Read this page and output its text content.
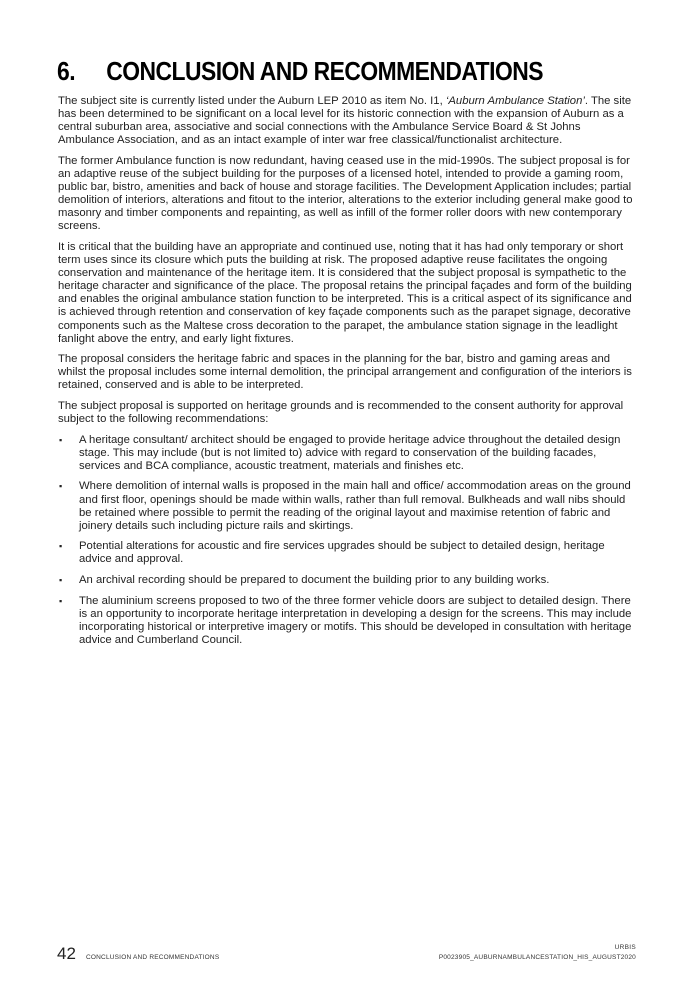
6. CONCLUSION AND RECOMMENDATIONS

The subject site is currently listed under the Auburn LEP 2010 as item No. I1, ‘Auburn Ambulance Station’. The site has been determined to be significant on a local level for its historic connection with the expansion of Auburn as a central suburban area, associative and social connections with the Ambulance Service Board & St Johns Ambulance Association, and as an intact example of inter war free classical/functionalist architecture.

The former Ambulance function is now redundant, having ceased use in the mid-1990s. The subject proposal is for an adaptive reuse of the subject building for the purposes of a licensed hotel, intended to provide a gaming room, public bar, bistro, amenities and back of house and storage facilities. The Development Application includes; partial demolition of interiors, alterations and fitout to the interior, alterations to the exterior including general make good to masonry and timber components and repainting, as well as infill of the former roller doors with new contemporary screens.

It is critical that the building have an appropriate and continued use, noting that it has had only temporary or short term uses since its closure which puts the building at risk. The proposed adaptive reuse facilitates the ongoing conservation and maintenance of the heritage item. It is considered that the subject proposal is sympathetic to the heritage character and significance of the place. The proposal retains the principal façades and form of the building and enables the original ambulance station function to be interpreted. This is a critical aspect of its significance and is achieved through retention and conservation of key façade components such as the parapet signage, decorative components such as the Maltese cross decoration to the parapet, the ambulance station signage in the leadlight fanlight above the entry, and early light fixtures.

The proposal considers the heritage fabric and spaces in the planning for the bar, bistro and gaming areas and whilst the proposal includes some internal demolition, the principal arrangement and configuration of the interiors is retained, conserved and is able to be interpreted.

The subject proposal is supported on heritage grounds and is recommended to the consent authority for approval subject to the following recommendations:

▪ A heritage consultant/ architect should be engaged to provide heritage advice throughout the detailed design stage. This may include (but is not limited to) advice with regard to conservation of the building facades, services and BCA compliance, acoustic treatment, materials and finishes etc.
▪ Where demolition of internal walls is proposed in the main hall and office/ accommodation areas on the ground and first floor, openings should be made within walls, rather than full removal. Bulkheads and wall nibs should be retained where possible to permit the reading of the original layout and maximise retention of fabric and joinery details such including picture rails and skirtings.
▪ Potential alterations for acoustic and fire services upgrades should be subject to detailed design, heritage advice and approval.
▪ An archival recording should be prepared to document the building prior to any building works.
▪ The aluminium screens proposed to two of the three former vehicle doors are subject to detailed design. There is an opportunity to incorporate heritage interpretation in developing a design for the screens. This may include incorporating historical or interpretive imagery or motifs. This should be developed in consultation with heritage advice and Cumberland Council.
42 CONCLUSION AND RECOMMENDATIONS
URBIS
P0023905_AUBURNAMBULANCESTATION_HIS_AUGUST2020
